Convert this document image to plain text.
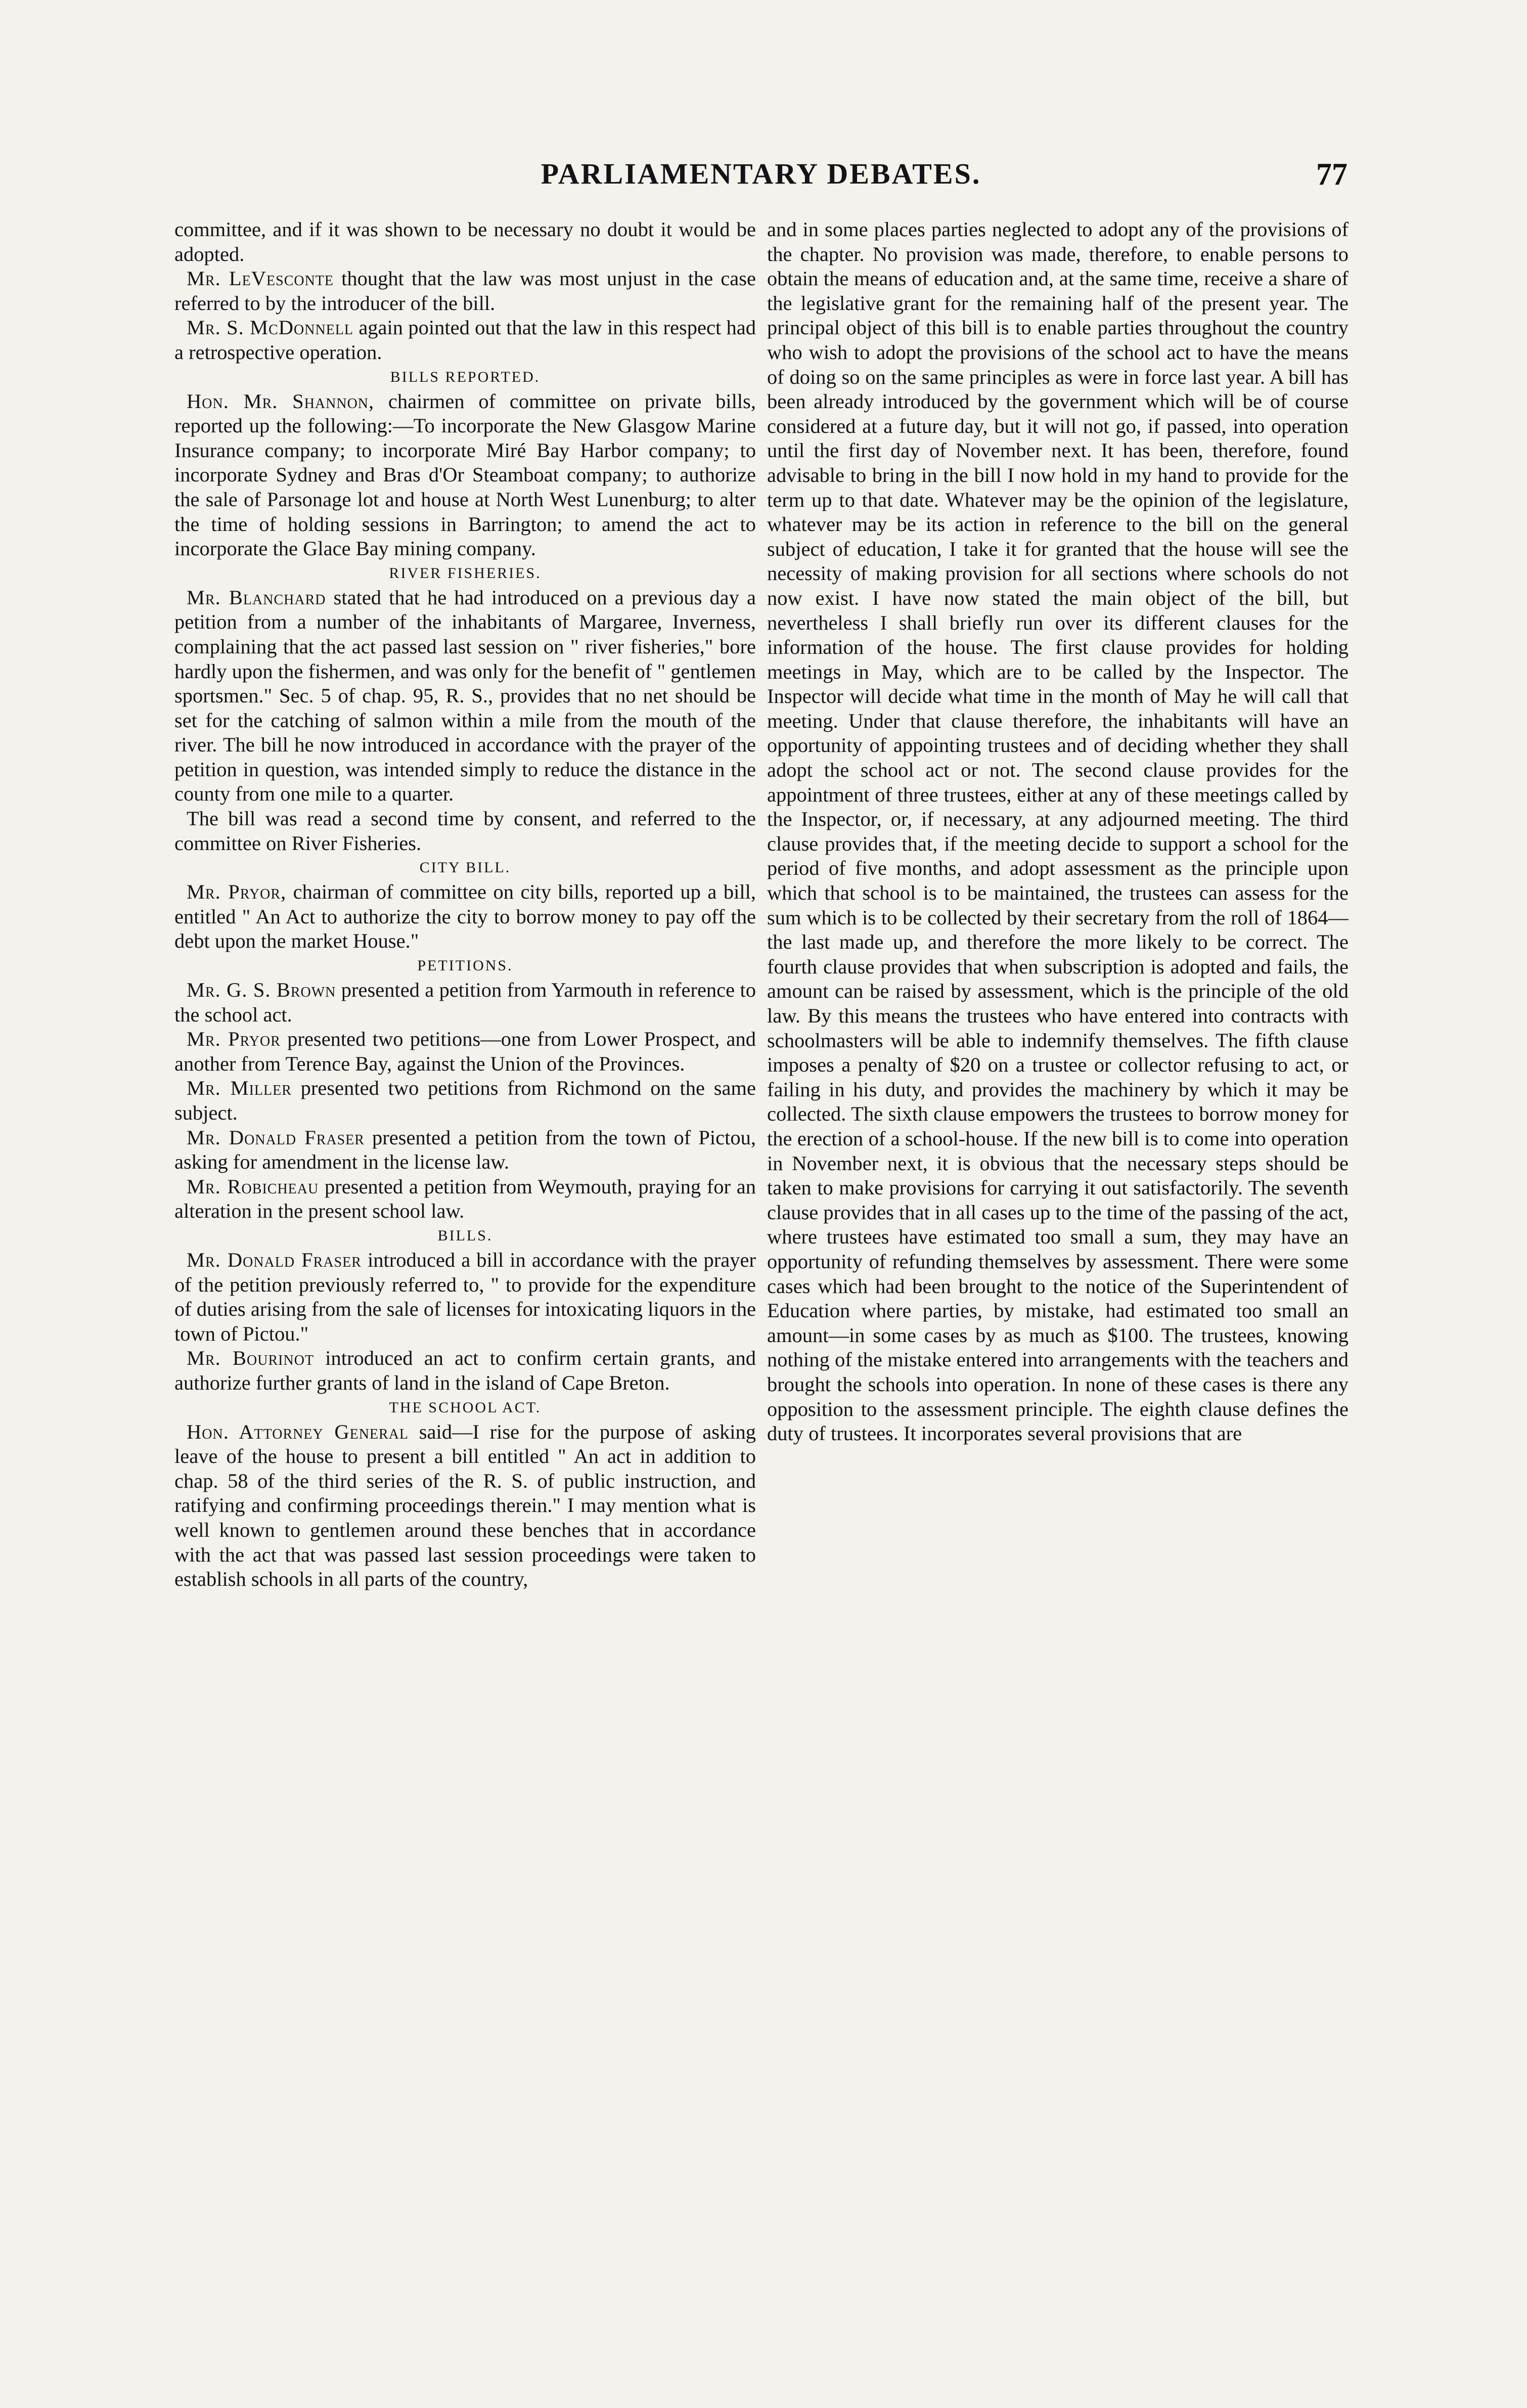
PARLIAMENTARY DEBATES.	77

committee, and if it was shown to be necessary no doubt it would be adopted.

Mr. LeVesconte thought that the law was most unjust in the case referred to by the introducer of the bill.

Mr. S. McDonnell again pointed out that the law in this respect had a retrospective operation.

BILLS REPORTED.

Hon. Mr. Shannon, chairmen of committee on private bills, reported up the following:—To incorporate the New Glasgow Marine Insurance company; to incorporate Miré Bay Harbor company; to incorporate Sydney and Bras d'Or Steamboat company; to authorize the sale of Parsonage lot and house at North West Lunenburg; to alter the time of holding sessions in Barrington; to amend the act to incorporate the Glace Bay mining company.

RIVER FISHERIES.

Mr. Blanchard stated that he had introduced on a previous day a petition from a number of the inhabitants of Margaree, Inverness, complaining that the act passed last session on " river fisheries," bore hardly upon the fishermen, and was only for the benefit of " gentlemen sportsmen." Sec. 5 of chap. 95, R. S., provides that no net should be set for the catching of salmon within a mile from the mouth of the river. The bill he now introduced in accordance with the prayer of the petition in question, was intended simply to reduce the distance in the county from one mile to a quarter.

The bill was read a second time by consent, and referred to the committee on River Fisheries.

CITY BILL.

Mr. Pryor, chairman of committee on city bills, reported up a bill, entitled " An Act to authorize the city to borrow money to pay off the debt upon the market House."

PETITIONS.

Mr. G. S. Brown presented a petition from Yarmouth in reference to the school act.

Mr. Pryor presented two petitions—one from Lower Prospect, and another from Terence Bay, against the Union of the Provinces.

Mr. Miller presented two petitions from Richmond on the same subject.

Mr. Donald Fraser presented a petition from the town of Pictou, asking for amendment in the license law.

Mr. Robicheau presented a petition from Weymouth, praying for an alteration in the present school law.

BILLS.

Mr. Donald Fraser introduced a bill in accordance with the prayer of the petition previously referred to, " to provide for the expenditure of duties arising from the sale of licenses for intoxicating liquors in the town of Pictou."

Mr. Bourinot introduced an act to confirm certain grants, and authorize further grants of land in the island of Cape Breton.

THE SCHOOL ACT.

Hon. Attorney General said—I rise for the purpose of asking leave of the house to present a bill entitled " An act in addition to chap. 58 of the third series of the R. S. of public instruction, and ratifying and confirming proceedings therein." I may mention what is well known to gentlemen around these benches that in accordance with the act that was passed last session proceedings were taken to establish schools in all parts of the country,

and in some places parties neglected to adopt any of the provisions of the chapter. No provision was made, therefore, to enable persons to obtain the means of education and, at the same time, receive a share of the legislative grant for the remaining half of the present year. The principal object of this bill is to enable parties throughout the country who wish to adopt the provisions of the school act to have the means of doing so on the same principles as were in force last year. A bill has been already introduced by the government which will be of course considered at a future day, but it will not go, if passed, into operation until the first day of November next. It has been, therefore, found advisable to bring in the bill I now hold in my hand to provide for the term up to that date. Whatever may be the opinion of the legislature, whatever may be its action in reference to the bill on the general subject of education, I take it for granted that the house will see the necessity of making provision for all sections where schools do not now exist. I have now stated the main object of the bill, but nevertheless I shall briefly run over its different clauses for the information of the house. The first clause provides for holding meetings in May, which are to be called by the Inspector. The Inspector will decide what time in the month of May he will call that meeting. Under that clause therefore, the inhabitants will have an opportunity of appointing trustees and of deciding whether they shall adopt the school act or not. The second clause provides for the appointment of three trustees, either at any of these meetings called by the Inspector, or, if necessary, at any adjourned meeting. The third clause provides that, if the meeting decide to support a school for the period of five months, and adopt assessment as the principle upon which that school is to be maintained, the trustees can assess for the sum which is to be collected by their secretary from the roll of 1864—the last made up, and therefore the more likely to be correct. The fourth clause provides that when subscription is adopted and fails, the amount can be raised by assessment, which is the principle of the old law. By this means the trustees who have entered into contracts with schoolmasters will be able to indemnify themselves. The fifth clause imposes a penalty of $20 on a trustee or collector refusing to act, or failing in his duty, and provides the machinery by which it may be collected. The sixth clause empowers the trustees to borrow money for the erection of a school-house. If the new bill is to come into operation in November next, it is obvious that the necessary steps should be taken to make provisions for carrying it out satisfactorily. The seventh clause provides that in all cases up to the time of the passing of the act, where trustees have estimated too small a sum, they may have an opportunity of refunding themselves by assessment. There were some cases which had been brought to the notice of the Superintendent of Education where parties, by mistake, had estimated too small an amount—in some cases by as much as $100. The trustees, knowing nothing of the mistake entered into arrangements with the teachers and brought the schools into operation. In none of these cases is there any opposition to the assessment principle. The eighth clause defines the duty of trustees. It incorporates several provisions that are
